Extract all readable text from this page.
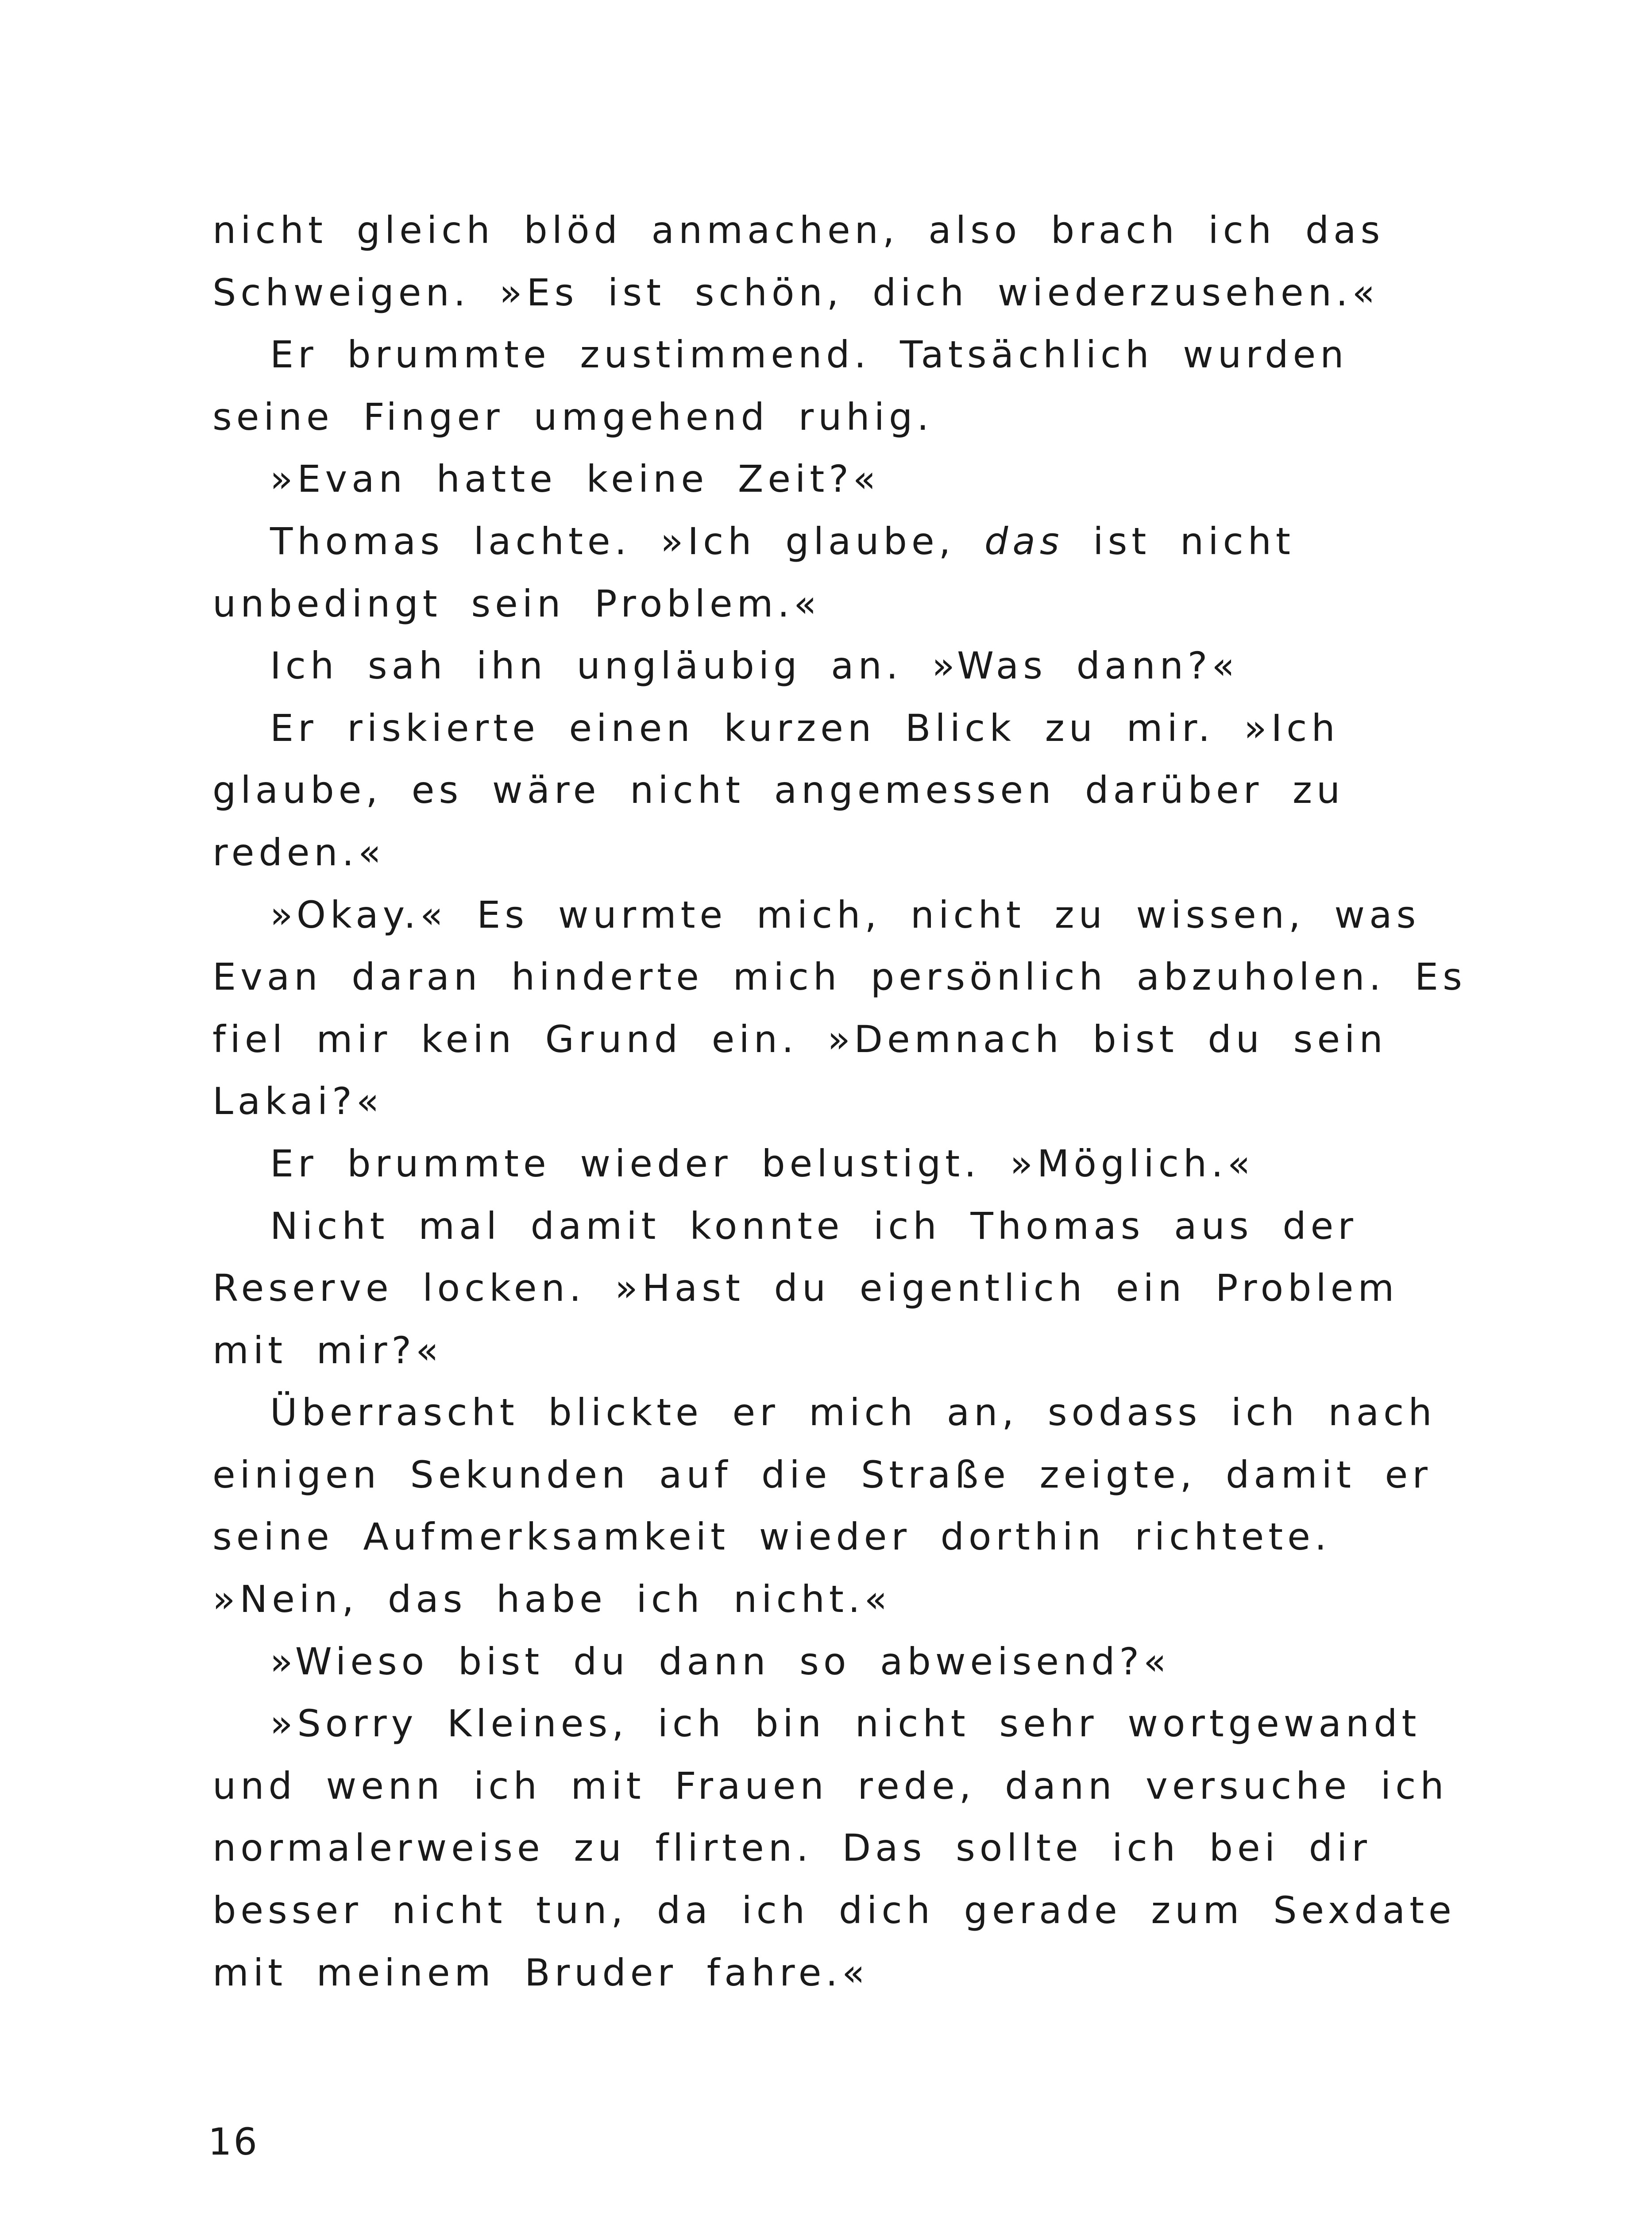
nicht gleich blöd anmachen, also brach ich das
Schweigen. »Es ist schön, dich wiederzusehen.«
Er brummte zustimmend. Tatsächlich wurden
seine Finger umgehend ruhig.
»Evan hatte keine Zeit?«
Thomas lachte. »Ich glaube, das ist nicht
unbedingt sein Problem.«
Ich sah ihn ungläubig an. »Was dann?«
Er riskierte einen kurzen Blick zu mir. »Ich
glaube, es wäre nicht angemessen darüber zu
reden.«
»Okay.« Es wurmte mich, nicht zu wissen, was
Evan daran hinderte mich persönlich abzuholen. Es
fiel mir kein Grund ein. »Demnach bist du sein
Lakai?«
Er brummte wieder belustigt. »Möglich.«
Nicht mal damit konnte ich Thomas aus der
Reserve locken. »Hast du eigentlich ein Problem
mit mir?«
Überrascht blickte er mich an, sodass ich nach
einigen Sekunden auf die Straße zeigte, damit er
seine Aufmerksamkeit wieder dorthin richtete.
»Nein, das habe ich nicht.«
»Wieso bist du dann so abweisend?«
»Sorry Kleines, ich bin nicht sehr wortgewandt
und wenn ich mit Frauen rede, dann versuche ich
normalerweise zu flirten. Das sollte ich bei dir
besser nicht tun, da ich dich gerade zum Sexdate
mit meinem Bruder fahre.«
16
